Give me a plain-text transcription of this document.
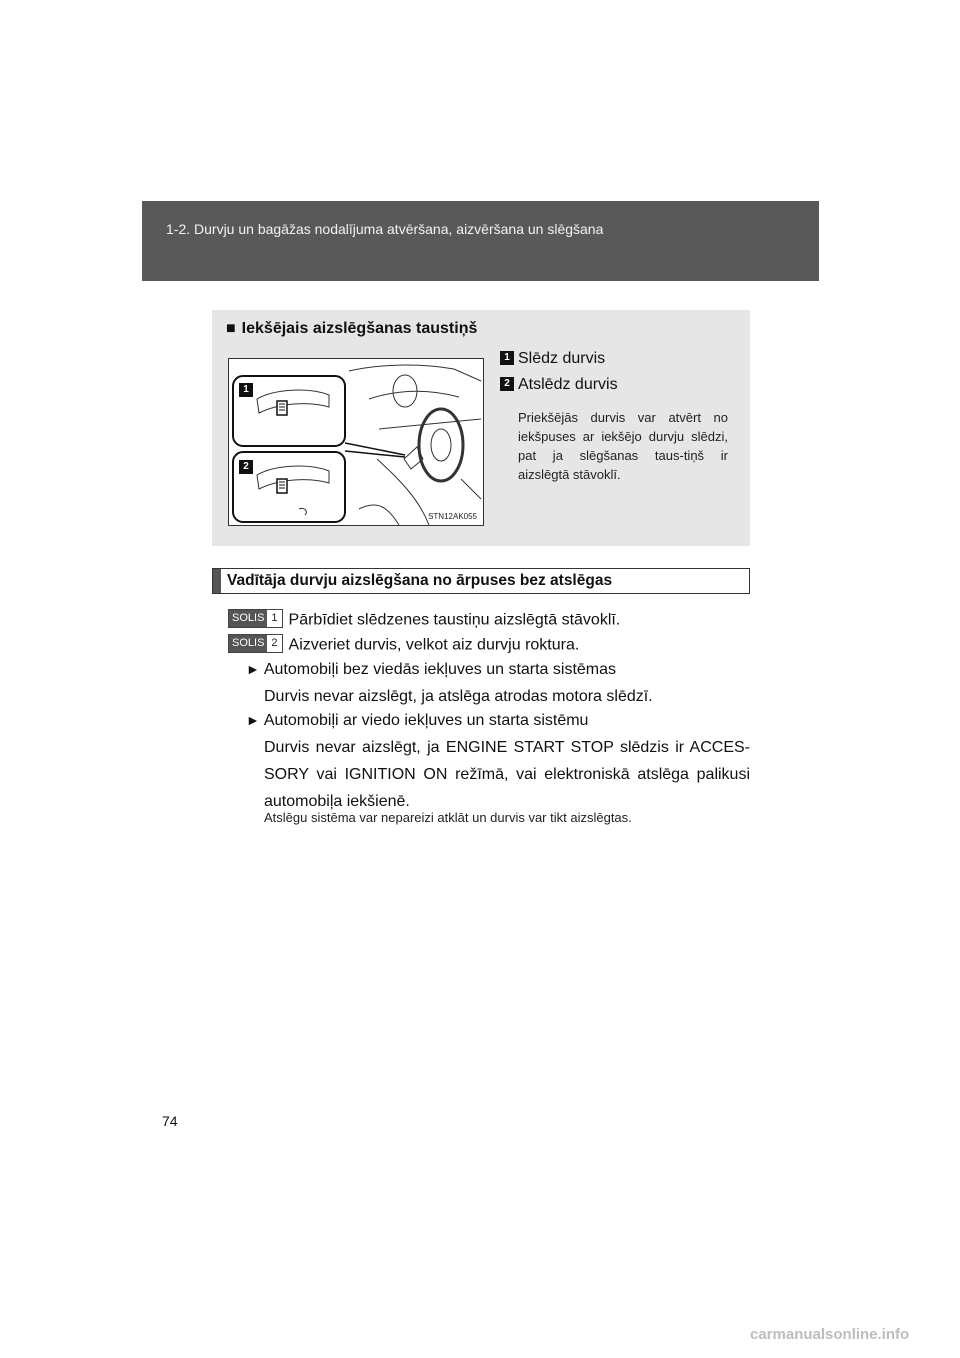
1-2. Durvju un bagāžas nodalījuma atvēršana, aizvēršana un slēgšana
■ Iekšējais aizslēgšanas taustiņš
1
2
STN12AK055
1 Slēdz durvis
2 Atslēdz durvis
Priekšējās durvis var atvērt no iekšpuses ar iekšējo durvju slēdzi, pat ja slēgšanas taus-tiņš ir aizslēgtā stāvoklī.
Vadītāja durvju aizslēgšana no ārpuses bez atslēgas
SOLIS 1 Pārbīdiet slēdzenes taustiņu aizslēgtā stāvoklī.
SOLIS 2 Aizveriet durvis, velkot aiz durvju roktura.
► Automobiļi bez viedās iekļuves un starta sistēmas
Durvis nevar aizslēgt, ja atslēga atrodas motora slēdzī.
► Automobiļi ar viedo iekļuves un starta sistēmu
Durvis nevar aizslēgt, ja ENGINE START STOP slēdzis ir ACCES-SORY vai IGNITION ON režīmā, vai elektroniskā atslēga palikusi automobiļa iekšienē.
Atslēgu sistēma var nepareizi atklāt un durvis var tikt aizslēgtas.
74
carmanualsonline.info
